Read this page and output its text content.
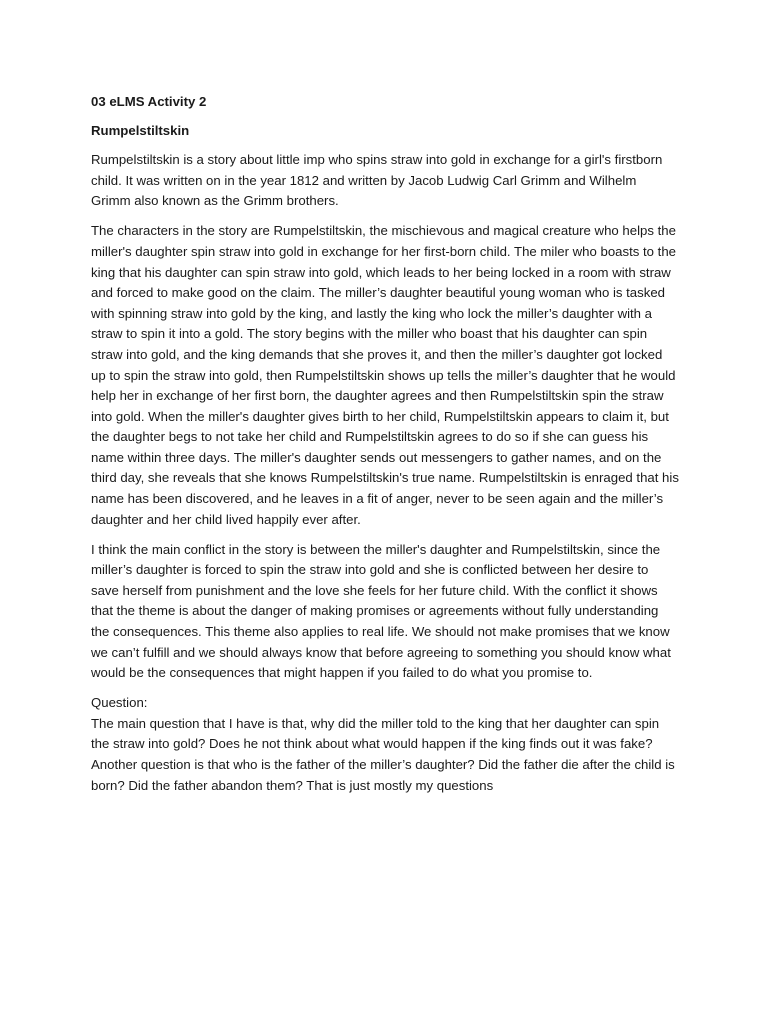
03 eLMS Activity 2
Rumpelstiltskin

Rumpelstiltskin is a story about little imp who spins straw into gold in exchange for a girl's firstborn child. It was written on in the year 1812 and written by Jacob Ludwig Carl Grimm and Wilhelm Grimm also known as the Grimm brothers.

The characters in the story are Rumpelstiltskin, the mischievous and magical creature who helps the miller's daughter spin straw into gold in exchange for her first-born child. The miler who boasts to the king that his daughter can spin straw into gold, which leads to her being locked in a room with straw and forced to make good on the claim. The miller’s daughter beautiful young woman who is tasked with spinning straw into gold by the king, and lastly the king who lock the miller’s daughter with a straw to spin it into a gold. The story begins with the miller who boast that his daughter can spin straw into gold, and the king demands that she proves it, and then the miller’s daughter got locked up to spin the straw into gold, then Rumpelstiltskin shows up tells the miller’s daughter that he would help her in exchange of her first born, the daughter agrees and then Rumpelstiltskin spin the straw into gold. When the miller's daughter gives birth to her child, Rumpelstiltskin appears to claim it, but the daughter begs to not take her child and Rumpelstiltskin agrees to do so if she can guess his name within three days. The miller's daughter sends out messengers to gather names, and on the third day, she reveals that she knows Rumpelstiltskin's true name. Rumpelstiltskin is enraged that his name has been discovered, and he leaves in a fit of anger, never to be seen again and the miller’s daughter and her child lived happily ever after.

I think the main conflict in the story is between the miller's daughter and Rumpelstiltskin, since the miller’s daughter is forced to spin the straw into gold and she is conflicted between her desire to save herself from punishment and the love she feels for her future child. With the conflict it shows that the theme is about the danger of making promises or agreements without fully understanding the consequences. This theme also applies to real life. We should not make promises that we know we can’t fulfill and we should always know that before agreeing to something you should know what would be the consequences that might happen if you failed to do what you promise to.

Question:
The main question that I have is that, why did the miller told to the king that her daughter can spin the straw into gold? Does he not think about what would happen if the king finds out it was fake? Another question is that who is the father of the miller’s daughter? Did the father die after the child is born? Did the father abandon them? That is just mostly my questions
